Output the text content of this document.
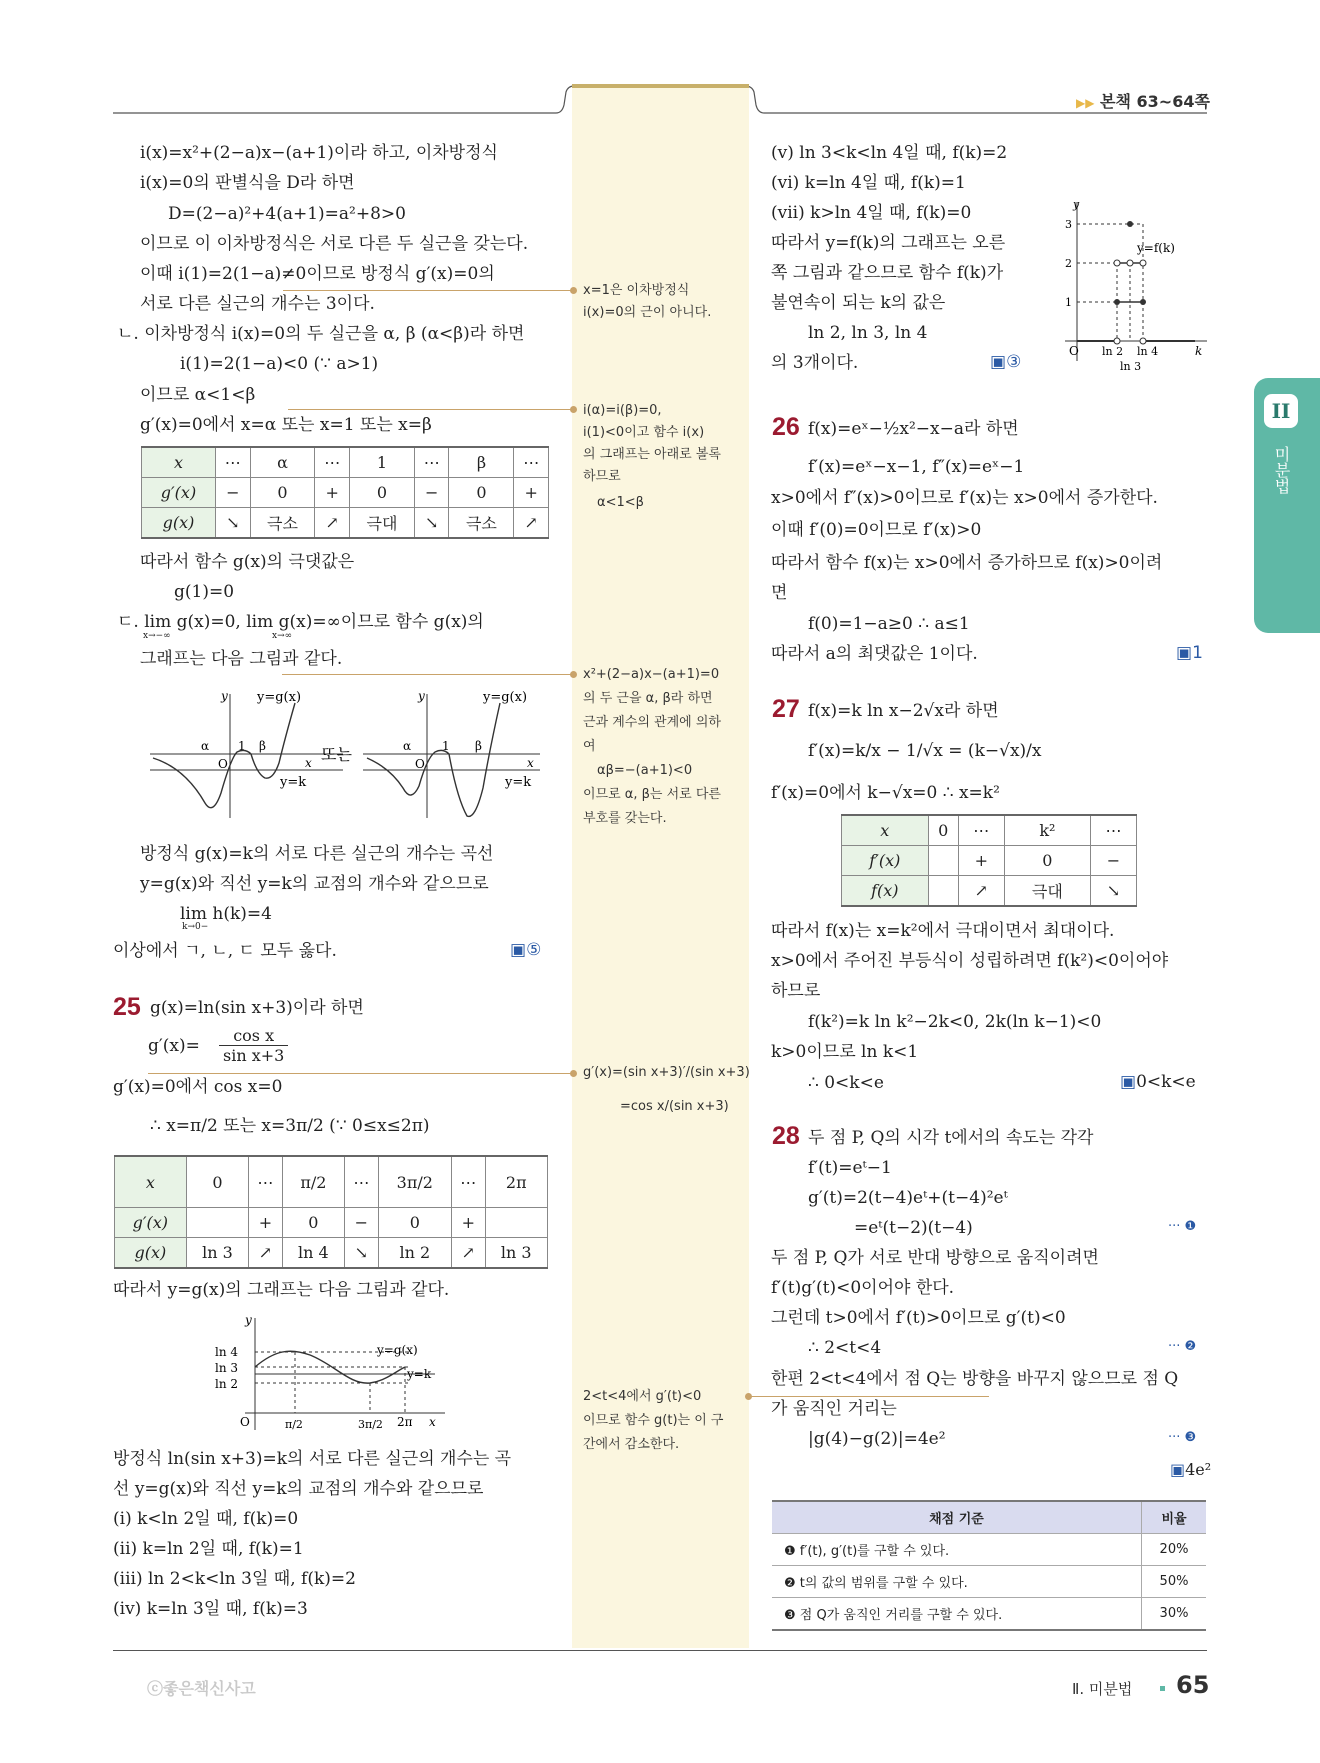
▶▶ 본책 63~64쪽
i(x)=x²+(2−a)x−(a+1)이라 하고, 이차방정식
i(x)=0의 판별식을 D라 하면
D=(2−a)²+4(a+1)=a²+8>0
이므로 이 이차방정식은 서로 다른 두 실근을 갖는다.
이때 i(1)=2(1−a)≠0이므로 방정식 g′(x)=0의
서로 다른 실근의 개수는 3이다.
ㄴ. 이차방정식 i(x)=0의 두 실근을 α, β (α<β)라 하면
i(1)=2(1−a)<0 (∵ a>1)
이므로 α<1<β
g′(x)=0에서 x=α 또는 x=1 또는 x=β
x	⋯	α	⋯	1	⋯	β	⋯
g′(x)	−	0	+	0	−	0	+
g(x)	↘	극소	↗	극대	↘	극소	↗
따라서 함수 g(x)의 극댓값은
g(1)=0
ㄷ. lim g(x)=0, lim g(x)=∞이므로 함수 g(x)의
x→−∞	x→∞
그래프는 다음 그림과 같다.
y y=g(x)
α 1 β
O	x
y=k
또는
y	y=g(x)
α	1 β
O	x
y=k
방정식 g(x)=k의 서로 다른 실근의 개수는 곡선
y=g(x)와 직선 y=k의 교점의 개수와 같으므로
lim h(k)=4
k→0−
이상에서 ㄱ, ㄴ, ㄷ 모두 옳다.	▣⑤
25 g(x)=ln(sin x+3)이라 하면
$g'(x)= \frac{\text{cos x}}{\text{sin x+3}}$
g′(x)=0에서 cos x=0
∴ x=π/2 또는 x=3π/2 (∵ 0≤x≤2π)
x	0	⋯	π/2	⋯	3π/2	⋯	2π
g′(x)		+	0	−	0	+	
g(x)	ln 3	↗	ln 4	↘	ln 2	↗	ln 3
따라서 y=g(x)의 그래프는 다음 그림과 같다.
y
ln 4
ln 3
ln 2
y=g(x)
y=k
O	π/2	3π/2 2π x
방정식 ln(sin x+3)=k의 서로 다른 실근의 개수는 곡
선 y=g(x)와 직선 y=k의 교점의 개수와 같으므로
(i) k<ln 2일 때, f(k)=0
(ii) k=ln 2일 때, f(k)=1
(iii) ln 2<k<ln 3일 때, f(k)=2
(iv) k=ln 3일 때, f(k)=3
x=1은 이차방정식
i(x)=0의 근이 아니다.
i(α)=i(β)=0,
i(1)<0이고 함수 i(x)
의 그래프는 아래로 볼록
하므로
α<1<β
x²+(2−a)x−(a+1)=0
의 두 근을 α, β라 하면
근과 계수의 관계에 의하
여
αβ=−(a+1)<0
이므로 α, β는 서로 다른
부호를 갖는다.
g′(x)=(sin x+3)′/(sin x+3)
=cos x/(sin x+3)
2<t<4에서 g′(t)<0
이므로 함수 g(t)는 이 구
간에서 감소한다.
(v) ln 3<k<ln 4일 때, f(k)=2
(vi) k=ln 4일 때, f(k)=1
(vii) k>ln 4일 때, f(k)=0
따라서 y=f(k)의 그래프는 오른
쪽 그림과 같으므로 함수 f(k)가
불연속이 되는 k의 값은
ln 2, ln 3, ln 4
의 3개이다.	▣③
y
3
2
1
y=f(k)
O ln 2 ln 4
ln 3
k
26 f(x)=eˣ−½x²−x−a라 하면
f′(x)=eˣ−x−1, f″(x)=eˣ−1
x>0에서 f″(x)>0이므로 f′(x)는 x>0에서 증가한다.
이때 f′(0)=0이므로 f′(x)>0
따라서 함수 f(x)는 x>0에서 증가하므로 f(x)>0이려
면
f(0)=1−a≥0 ∴ a≤1
따라서 a의 최댓값은 1이다.	▣1
27 f(x)=k ln x−2√x라 하면
f′(x)=k/x − 1/√x = (k−√x)/x
f′(x)=0에서 k−√x=0 ∴ x=k²
x	0	⋯	k²	⋯
f′(x)		+	0	−
f(x)		↗	극대	↘
따라서 f(x)는 x=k²에서 극대이면서 최대이다.
x>0에서 주어진 부등식이 성립하려면 f(k²)<0이어야
하므로
f(k²)=k ln k²−2k<0, 2k(ln k−1)<0
k>0이므로 ln k<1
∴ 0<k<e	▣0<k<e
28 두 점 P, Q의 시각 t에서의 속도는 각각
f′(t)=eᵗ−1
g′(t)=2(t−4)eᵗ+(t−4)²eᵗ
=eᵗ(t−2)(t−4)	··· ❶
두 점 P, Q가 서로 반대 방향으로 움직이려면
f′(t)g′(t)<0이어야 한다.
그런데 t>0에서 f′(t)>0이므로 g′(t)<0
∴ 2<t<4	··· ❷
한편 2<t<4에서 점 Q는 방향을 바꾸지 않으므로 점 Q
가 움직인 거리는
|g(4)−g(2)|=4e²	··· ❸
▣4e²
채점 기준	비율
❶ f′(t), g′(t)를 구할 수 있다.	20%
❷ t의 값의 범위를 구할 수 있다.	50%
❸ 점 Q가 움직인 거리를 구할 수 있다.	30%
II
미분법
ⓒ좋은책신사고	Ⅱ. 미분법 65
